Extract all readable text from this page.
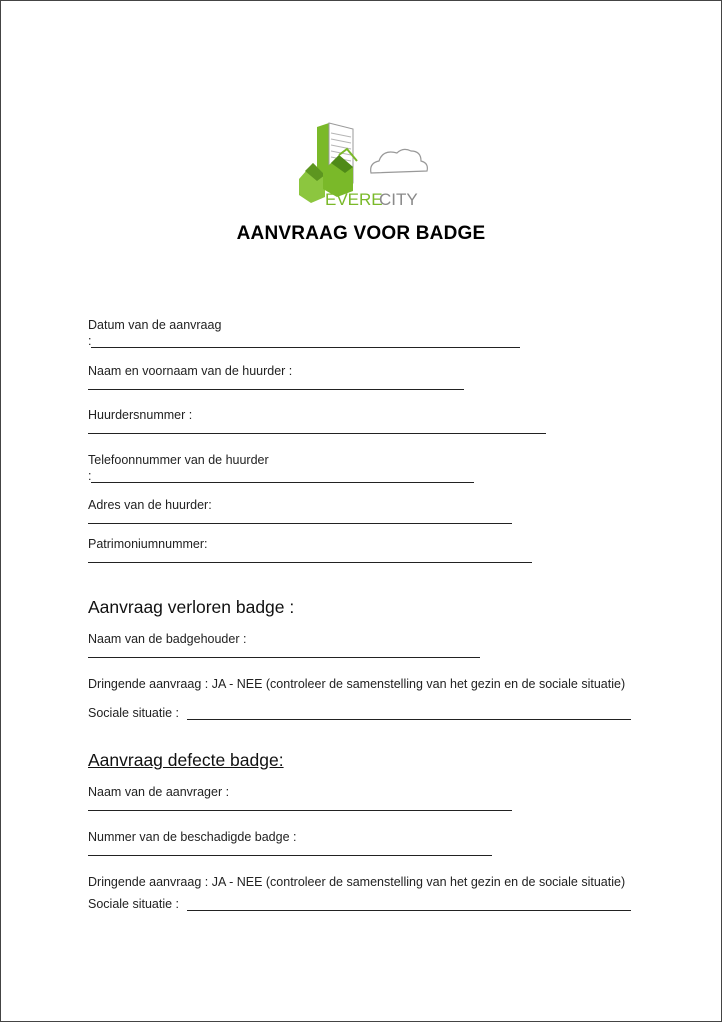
EVERE
CITY
AANVRAAG VOOR BADGE
Datum van de aanvraag
:
Naam en voornaam van de huurder :
Huurdersnummer :
Telefoonnummer van de huurder
:
Adres van de huurder:
Patrimoniumnummer:
Aanvraag verloren badge :
Naam van de badgehouder :
Dringende aanvraag : JA - NEE (controleer de samenstelling van het gezin en de sociale situatie)
Sociale situatie :
Aanvraag defecte badge:
Naam van de aanvrager :
Nummer van de beschadigde badge :
Dringende aanvraag : JA - NEE (controleer de samenstelling van het gezin en de sociale situatie)
Sociale situatie :
